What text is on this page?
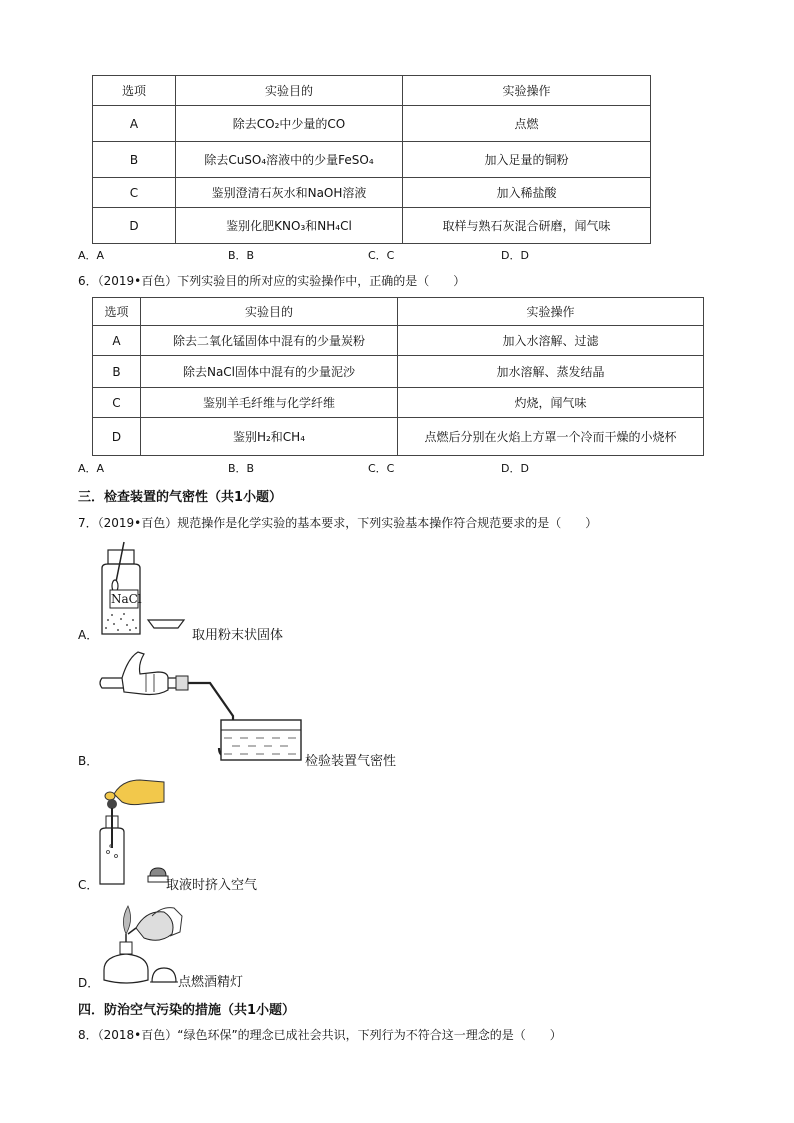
选项	实验目的	实验操作
A	除去CO₂中少量的CO	点燃
B	除去CuSO₄溶液中的少量FeSO₄	加入足量的铜粉
C	鉴别澄清石灰水和NaOH溶液	加入稀盐酸
D	鉴别化肥KNO₃和NH₄Cl	取样与熟石灰混合研磨，闻气味
A．A	B．B	C．C	D．D
6．（2019•百色）下列实验目的所对应的实验操作中，正确的是（　　）
选项	实验目的	实验操作
A	除去二氧化锰固体中混有的少量炭粉	加入水溶解、过滤
B	除去NaCl固体中混有的少量泥沙	加水溶解、蒸发结晶
C	鉴别羊毛纤维与化学纤维	灼烧，闻气味
D	鉴别H₂和CH₄	点燃后分别在火焰上方罩一个冷而干燥的小烧杯
A．A	B．B	C．C	D．D
三．检查装置的气密性（共1小题）
7．（2019•百色）规范操作是化学实验的基本要求，下列实验基本操作符合规范要求的是（　　）
NaCl
A．	取用粉末状固体
B．	检验装置气密性
C．	取液时挤入空气
D．	点燃酒精灯
四．防治空气污染的措施（共1小题）
8．（2018•百色）“绿色环保”的理念已成社会共识，下列行为不符合这一理念的是（　　）
